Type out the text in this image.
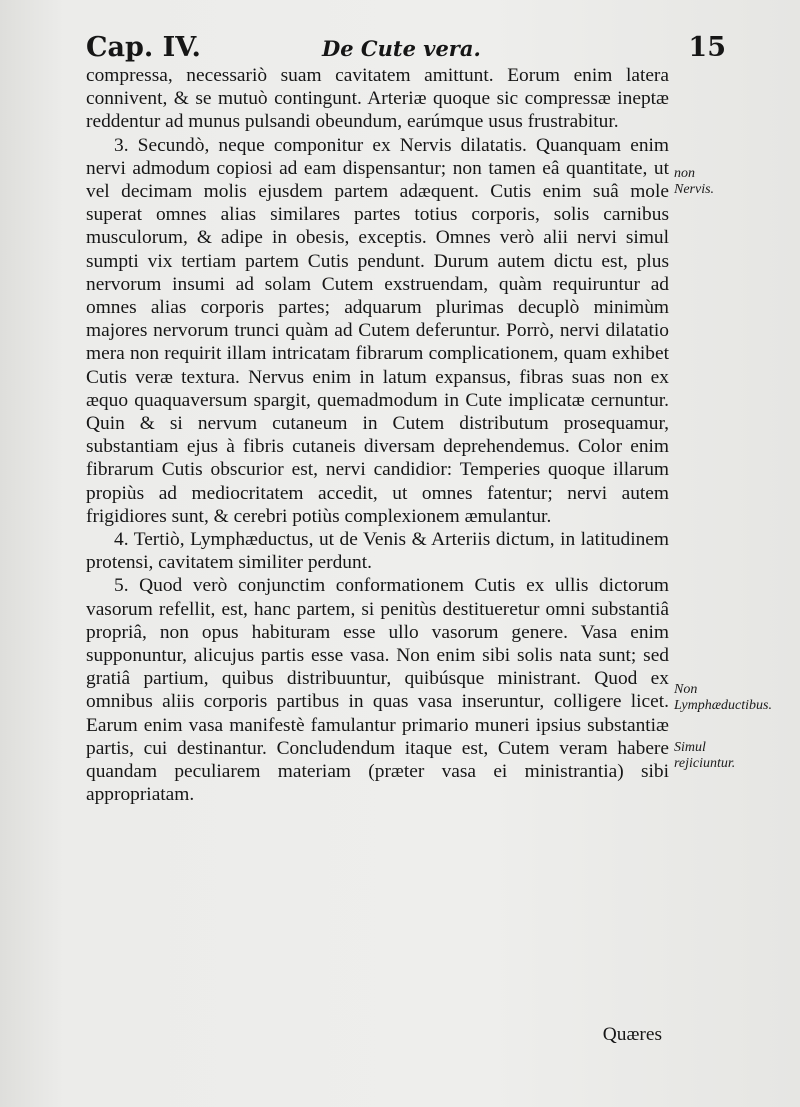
Cap. IV.	De Cute vera.	15

compressa, necessariò suam cavitatem amittunt. Eorum enim latera connivent, & se mutuò contingunt. Arteriæ quoque sic compressæ ineptæ reddentur ad munus pulsandi obeundum, earúmque usus frustrabitur.

3. Secundò, neque componitur ex Nervis dilatatis. Quanquam enim nervi admodum copiosi ad eam dispensantur; non tamen eâ quantitate, ut vel decimam molis ejusdem partem adæquent. Cutis enim suâ mole superat omnes alias similares partes totius corporis, solis carnibus musculorum, & adipe in obesis, exceptis. Omnes verò alii nervi simul sumpti vix tertiam partem Cutis pendunt. Durum autem dictu est, plus nervorum insumi ad solam Cutem exstruendam, quàm requiruntur ad omnes alias corporis partes; adquarum plurimas decuplò minimùm majores nervorum trunci quàm ad Cutem deferuntur. Porrò, nervi dilatatio mera non requirit illam intricatam fibrarum complicationem, quam exhibet Cutis veræ textura. Nervus enim in latum expansus, fibras suas non ex æquo quaquaversum spargit, quemadmodum in Cute implicatæ cernuntur. Quin & si nervum cutaneum in Cutem distributum prosequamur, substantiam ejus à fibris cutaneis diversam deprehendemus. Color enim fibrarum Cutis obscurior est, nervi candidior: Temperies quoque illarum propiùs ad mediocritatem accedit, ut omnes fatentur; nervi autem frigidiores sunt, & cerebri potiùs complexionem æmulantur.

4. Tertiò, Lymphæductus, ut de Venis & Arteriis dictum, in latitudinem protensi, cavitatem similiter perdunt.

5. Quod verò conjunctim conformationem Cutis ex ullis dictorum vasorum refellit, est, hanc partem, si penitùs destitueretur omni substantiâ propriâ, non opus habituram esse ullo vasorum genere. Vasa enim supponuntur, alicujus partis esse vasa. Non enim sibi solis nata sunt; sed gratiâ partium, quibus distribuuntur, quibúsque ministrant. Quod ex omnibus aliis corporis partibus in quas vasa inseruntur, colligere licet. Earum enim vasa manifestè famulantur primario muneri ipsius substantiæ partis, cui destinantur. Concludendum itaque est, Cutem veram habere quandam peculiarem materiam (præter vasa ei ministrantia) sibi appropriatam.

non Nervis.
Non Lymphæductibus.
Simul rejiciuntur.
Quæres
